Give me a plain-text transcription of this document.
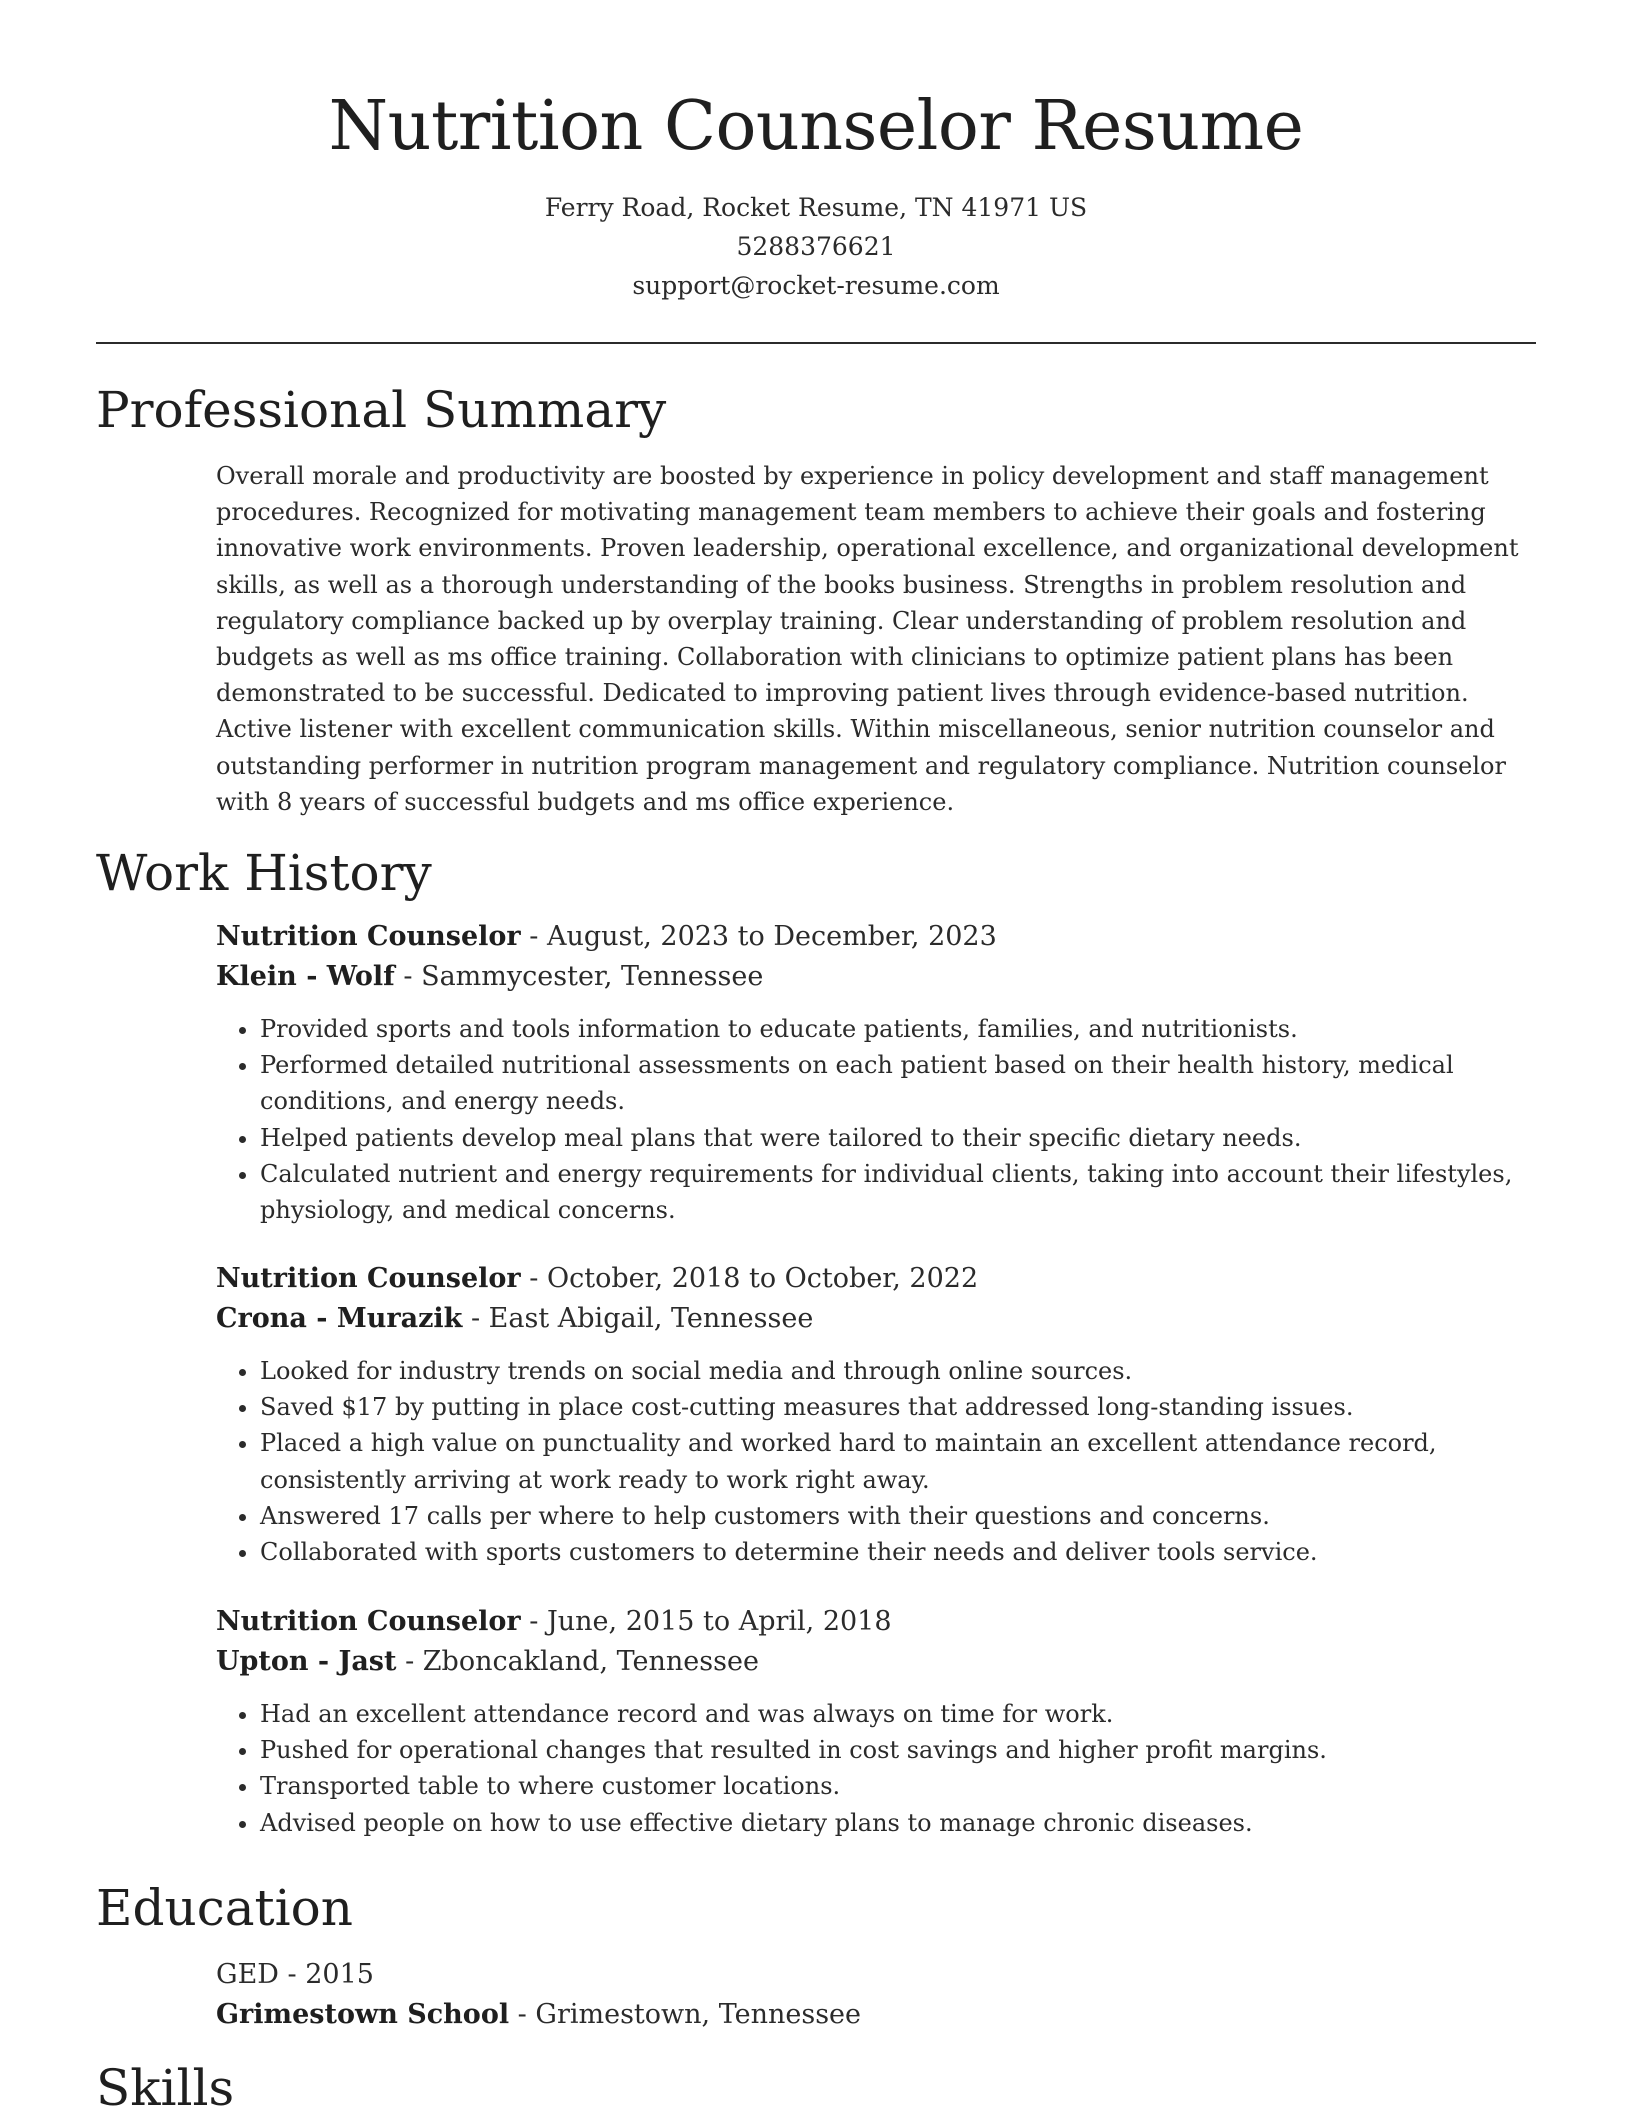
Nutrition Counselor Resume
Ferry Road, Rocket Resume, TN 41971 US
5288376621
support@rocket-resume.com
Professional Summary

Overall morale and productivity are boosted by experience in policy development and staff management procedures. Recognized for motivating management team members to achieve their goals and fostering innovative work environments. Proven leadership, operational excellence, and organizational development skills, as well as a thorough understanding of the books business. Strengths in problem resolution and regulatory compliance backed up by overplay training. Clear understanding of problem resolution and budgets as well as ms office training. Collaboration with clinicians to optimize patient plans has been demonstrated to be successful. Dedicated to improving patient lives through evidence-based nutrition. Active listener with excellent communication skills. Within miscellaneous, senior nutrition counselor and outstanding performer in nutrition program management and regulatory compliance. Nutrition counselor with 8 years of successful budgets and ms office experience.

Work History
Nutrition Counselor - August, 2023 to December, 2023
Klein - Wolf - Sammycester, Tennessee
• Provided sports and tools information to educate patients, families, and nutritionists.
• Performed detailed nutritional assessments on each patient based on their health history, medical conditions, and energy needs.
• Helped patients develop meal plans that were tailored to their specific dietary needs.
• Calculated nutrient and energy requirements for individual clients, taking into account their lifestyles, physiology, and medical concerns.
Nutrition Counselor - October, 2018 to October, 2022
Crona - Murazik - East Abigail, Tennessee
• Looked for industry trends on social media and through online sources.
• Saved $17 by putting in place cost-cutting measures that addressed long-standing issues.
• Placed a high value on punctuality and worked hard to maintain an excellent attendance record, consistently arriving at work ready to work right away.
• Answered 17 calls per where to help customers with their questions and concerns.
• Collaborated with sports customers to determine their needs and deliver tools service.
Nutrition Counselor - June, 2015 to April, 2018
Upton - Jast - Zboncakland, Tennessee
• Had an excellent attendance record and was always on time for work.
• Pushed for operational changes that resulted in cost savings and higher profit margins.
• Transported table to where customer locations.
• Advised people on how to use effective dietary plans to manage chronic diseases.
Education
GED - 2015
Grimestown School - Grimestown, Tennessee
Skills
